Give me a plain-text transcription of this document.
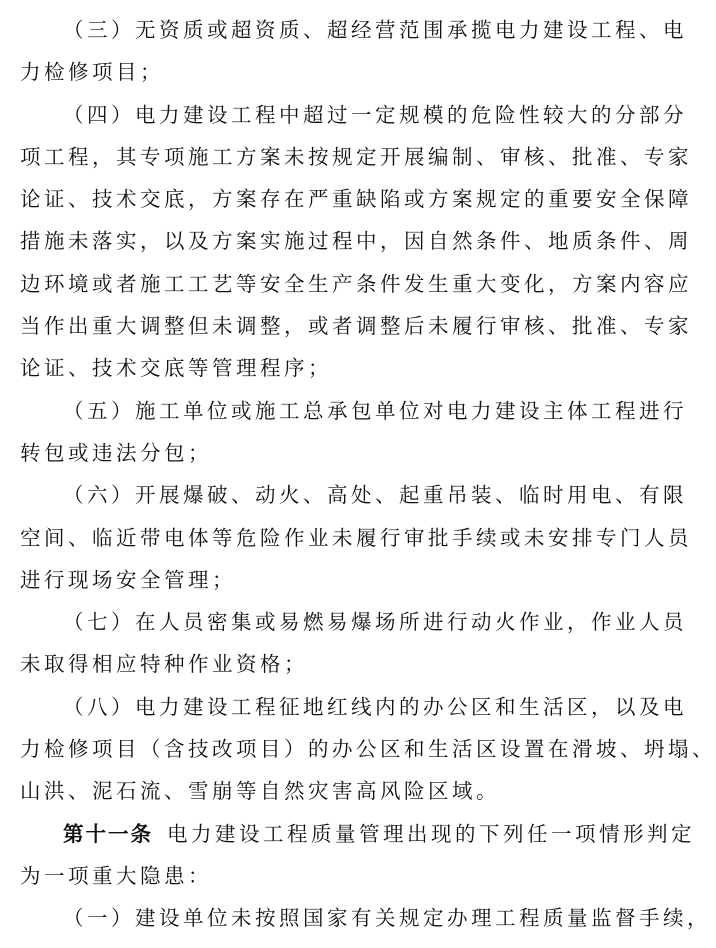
（三）无资质或超资质、超经营范围承揽电力建设工程、电
力检修项目；
（四）电力建设工程中超过一定规模的危险性较大的分部分
项工程，其专项施工方案未按规定开展编制、审核、批准、专家
论证、技术交底，方案存在严重缺陷或方案规定的重要安全保障
措施未落实，以及方案实施过程中，因自然条件、地质条件、周
边环境或者施工工艺等安全生产条件发生重大变化，方案内容应
当作出重大调整但未调整，或者调整后未履行审核、批准、专家
论证、技术交底等管理程序；
（五）施工单位或施工总承包单位对电力建设主体工程进行
转包或违法分包；
（六）开展爆破、动火、高处、起重吊装、临时用电、有限
空间、临近带电体等危险作业未履行审批手续或未安排专门人员
进行现场安全管理；
（七）在人员密集或易燃易爆场所进行动火作业，作业人员
未取得相应特种作业资格；
（八）电力建设工程征地红线内的办公区和生活区，以及电
力检修项目（含技改项目）的办公区和生活区设置在滑坡、坍塌、
山洪、泥石流、雪崩等自然灾害高风险区域。
第十一条 电力建设工程质量管理出现的下列任一项情形判定
为一项重大隐患：
（一）建设单位未按照国家有关规定办理工程质量监督手续，
